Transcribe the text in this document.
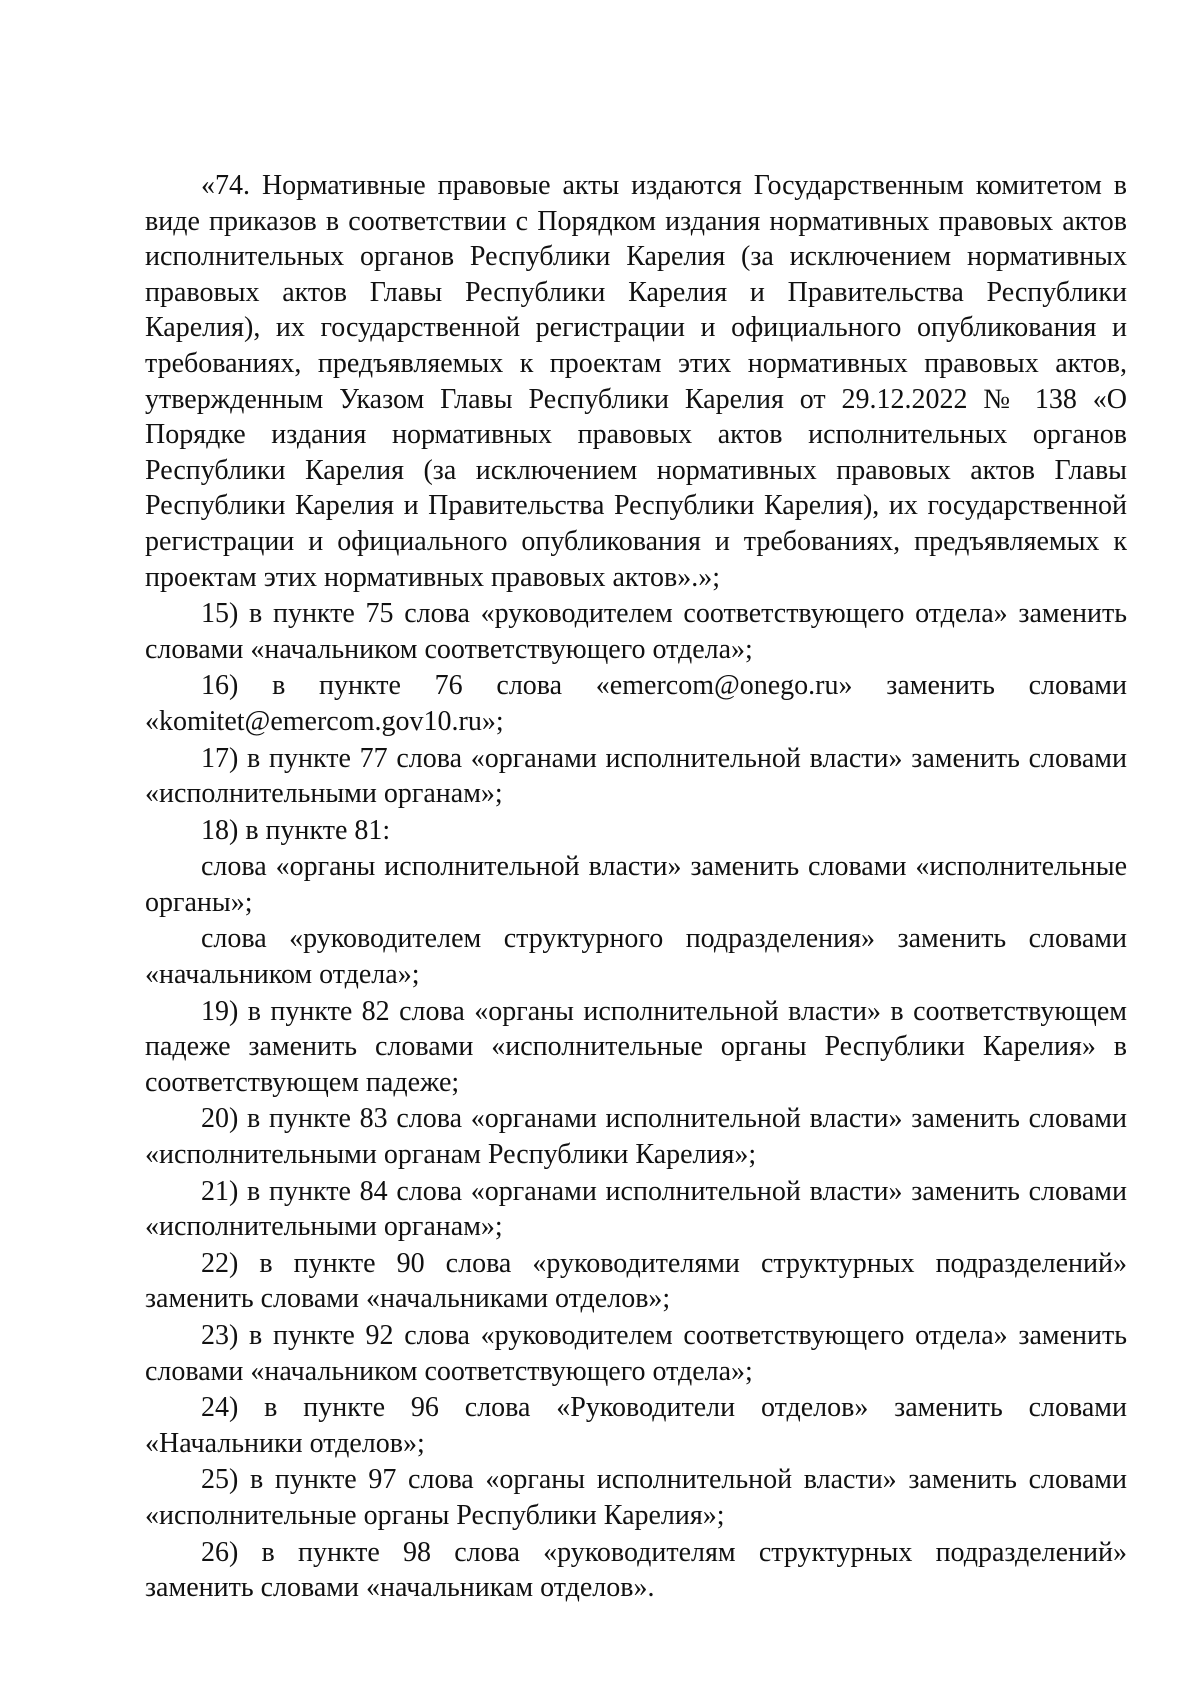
«74. Нормативные правовые акты издаются Государственным комитетом в виде приказов в соответствии с Порядком издания нормативных правовых актов исполнительных органов Республики Карелия (за исключением нормативных правовых актов Главы Республики Карелия и Правительства Республики Карелия), их государственной регистрации и официального опубликования и требованиях, предъявляемых к проектам этих нормативных правовых актов, утвержденным Указом Главы Республики Карелия от 29.12.2022 № 138 «О Порядке издания нормативных правовых актов исполнительных органов Республики Карелия (за исключением нормативных правовых актов Главы Республики Карелия и Правительства Республики Карелия), их государственной регистрации и официального опубликования и требованиях, предъявляемых к проектам этих нормативных правовых актов».»;

15) в пункте 75 слова «руководителем соответствующего отдела» заменить словами «начальником соответствующего отдела»;

16) в пункте 76 слова «emercom@onego.ru» заменить словами «komitet@emercom.gov10.ru»;

17) в пункте 77 слова «органами исполнительной власти» заменить словами «исполнительными органам»;

18) в пункте 81:

слова «органы исполнительной власти» заменить словами «исполнительные органы»;

слова «руководителем структурного подразделения» заменить словами «начальником отдела»;

19) в пункте 82 слова «органы исполнительной власти» в соответствующем падеже заменить словами «исполнительные органы Республики Карелия» в соответствующем падеже;

20) в пункте 83 слова «органами исполнительной власти» заменить словами «исполнительными органам Республики Карелия»;

21) в пункте 84 слова «органами исполнительной власти» заменить словами «исполнительными органам»;

22) в пункте 90 слова «руководителями структурных подразделений» заменить словами «начальниками отделов»;

23) в пункте 92 слова «руководителем соответствующего отдела» заменить словами «начальником соответствующего отдела»;

24) в пункте 96 слова «Руководители отделов» заменить словами «Начальники отделов»;

25) в пункте 97 слова «органы исполнительной власти» заменить словами «исполнительные органы Республики Карелия»;

26) в пункте 98 слова «руководителям структурных подразделений» заменить словами «начальникам отделов».
